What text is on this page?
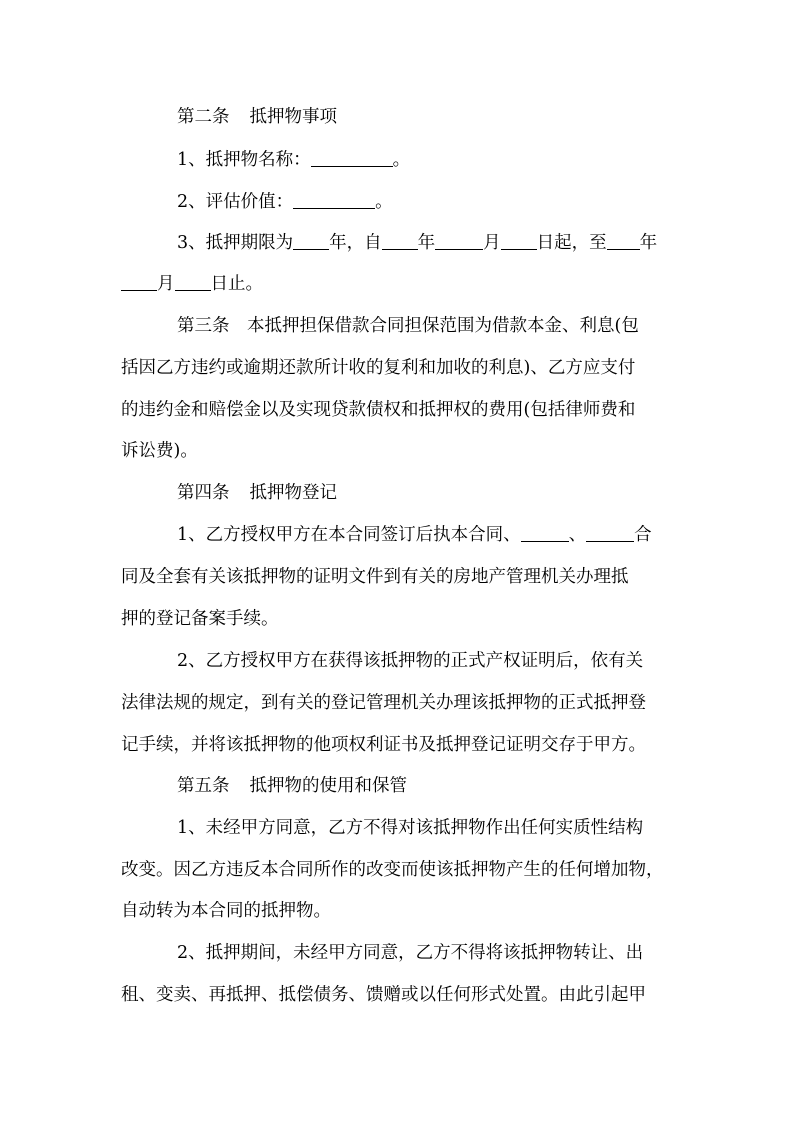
第二条 抵押物事项
1、抵押物名称：	。
2、评估价值：	。
3、抵押期限为 年，自 年	月 日起，至 年
月 日止。
第三条　本抵押担保借款合同担保范围为借款本金、利息(包
括因乙方违约或逾期还款所计收的复利和加收的利息)、乙方应支付
的违约金和赔偿金以及实现贷款债权和抵押权的费用(包括律师费和
诉讼费)。
第四条 抵押物登记
1、乙方授权甲方在本合同签订后执本合同、	、	合
同及全套有关该抵押物的证明文件到有关的房地产管理机关办理抵
押的登记备案手续。
2、乙方授权甲方在获得该抵押物的正式产权证明后，依有关
法律法规的规定，到有关的登记管理机关办理该抵押物的正式抵押登
记手续，并将该抵押物的他项权利证书及抵押登记证明交存于甲方。
第五条 抵押物的使用和保管
1、未经甲方同意，乙方不得对该抵押物作出任何实质性结构
改变。因乙方违反本合同所作的改变而使该抵押物产生的任何增加物，
自动转为本合同的抵押物。
2、抵押期间，未经甲方同意，乙方不得将该抵押物转让、出
租、变卖、再抵押、抵偿债务、馈赠或以任何形式处置。由此引起甲
